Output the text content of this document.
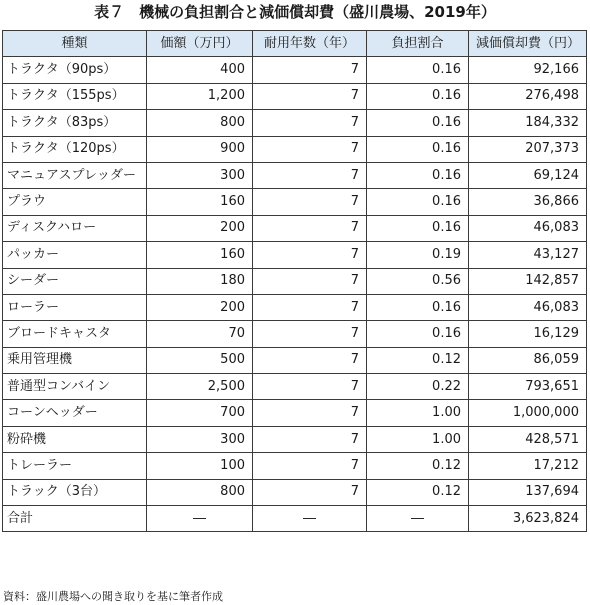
表７　機械の負担割合と減価償却費（盛川農場、2019年）
種類	価額（万円）	耐用年数（年）	負担割合	減価償却費（円）
トラクタ（90ps）	400	7	0.16	92,166
トラクタ（155ps）	1,200	7	0.16	276,498
トラクタ（83ps）	800	7	0.16	184,332
トラクタ（120ps）	900	7	0.16	207,373
マニュアスプレッダー	300	7	0.16	69,124
プラウ	160	7	0.16	36,866
ディスクハロー	200	7	0.16	46,083
パッカー	160	7	0.19	43,127
シーダー	180	7	0.56	142,857
ローラー	200	7	0.16	46,083
ブロードキャスタ	70	7	0.16	16,129
乗用管理機	500	7	0.12	86,059
普通型コンバイン	2,500	7	0.22	793,651
コーンヘッダー	700	7	1.00	1,000,000
粉砕機	300	7	1.00	428,571
トレーラー	100	7	0.12	17,212
トラック（3台）	800	7	0.12	137,694
合計	―	―	―	3,623,824
資料：盛川農場への聞き取りを基に筆者作成
